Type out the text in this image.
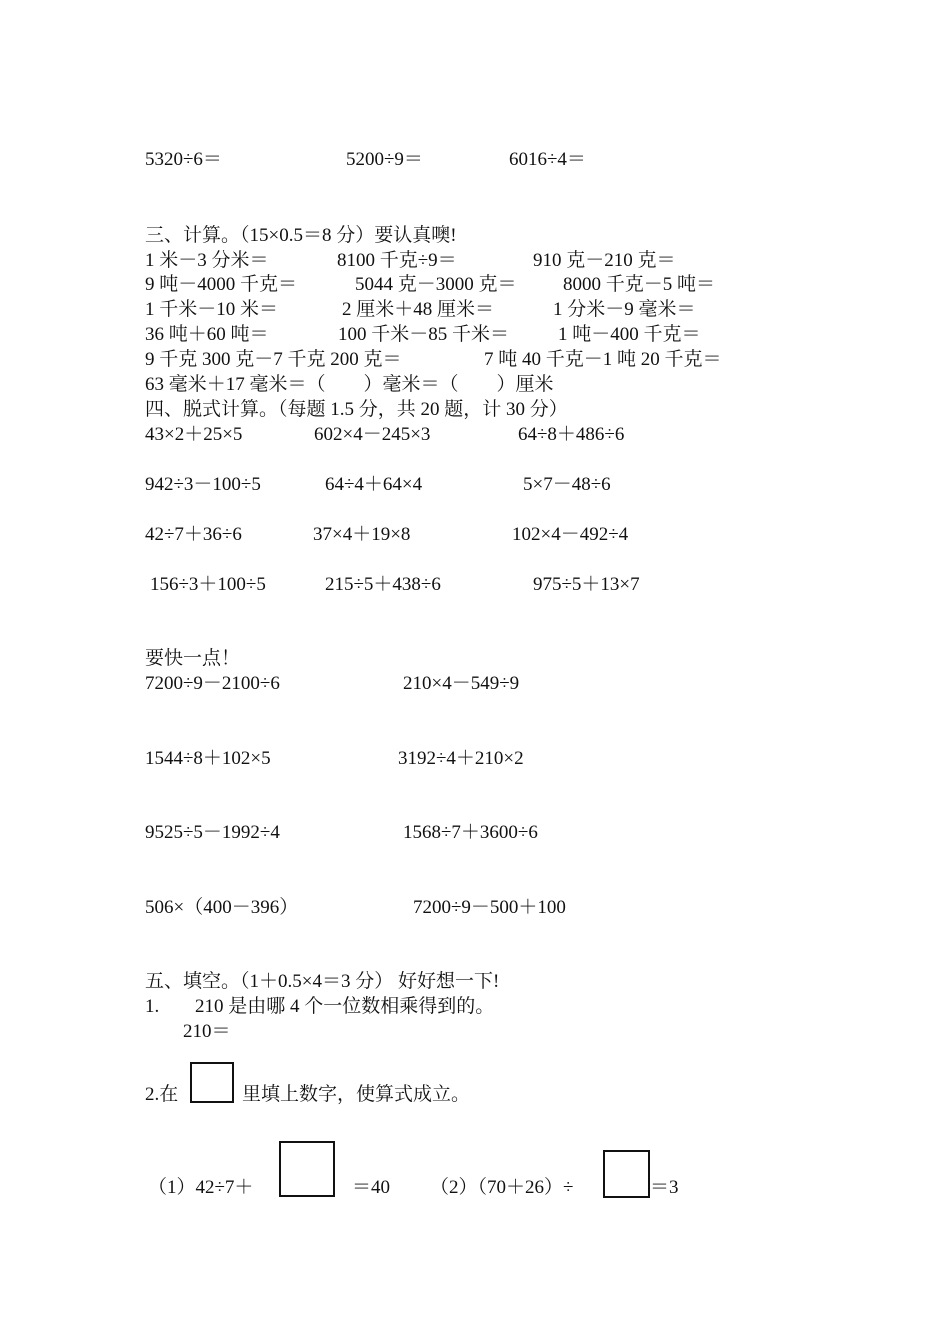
5320÷6＝	5200÷9＝	6016÷4＝
三、计算。（15×0.5＝8 分）要认真噢!
1 米－3 分米＝	8100 千克÷9＝	910 克－210 克＝
9 吨－4000 千克＝	5044 克－3000 克＝ 8000 千克－5 吨＝
1 千米－10 米＝	2 厘米＋48 厘米＝	1 分米－9 毫米＝
36 吨＋60 吨＝	100 千米－85 千米＝	1 吨－400 千克＝
9 千克 300 克－7 千克 200 克＝	7 吨 40 千克－1 吨 20 千克＝
63 毫米＋17 毫米＝（　　）毫米＝（　　）厘米
四、脱式计算。（每题 1.5 分，共 20 题，计 30 分）
43×2＋25×5	602×4－245×3	64÷8＋486÷6
942÷3－100÷5	64÷4＋64×4	5×7－48÷6
42÷7＋36÷6	37×4＋19×8	102×4－492÷4
156÷3＋100÷5	215÷5＋438÷6	975÷5＋13×7
要快一点！
7200÷9－2100÷6	210×4－549÷9
1544÷8＋102×5	3192÷4＋210×2
9525÷5－1992÷4	1568÷7＋3600÷6
506×（400－396）	7200÷9－500＋100
五、填空。（1＋0.5×4＝3 分） 好好想一下!
1. 210 是由哪 4 个一位数相乘得到的。
210＝
2.在	里填上数字，使算式成立。
（1）42÷7＋	＝40 （2）（70＋26）÷	＝3
